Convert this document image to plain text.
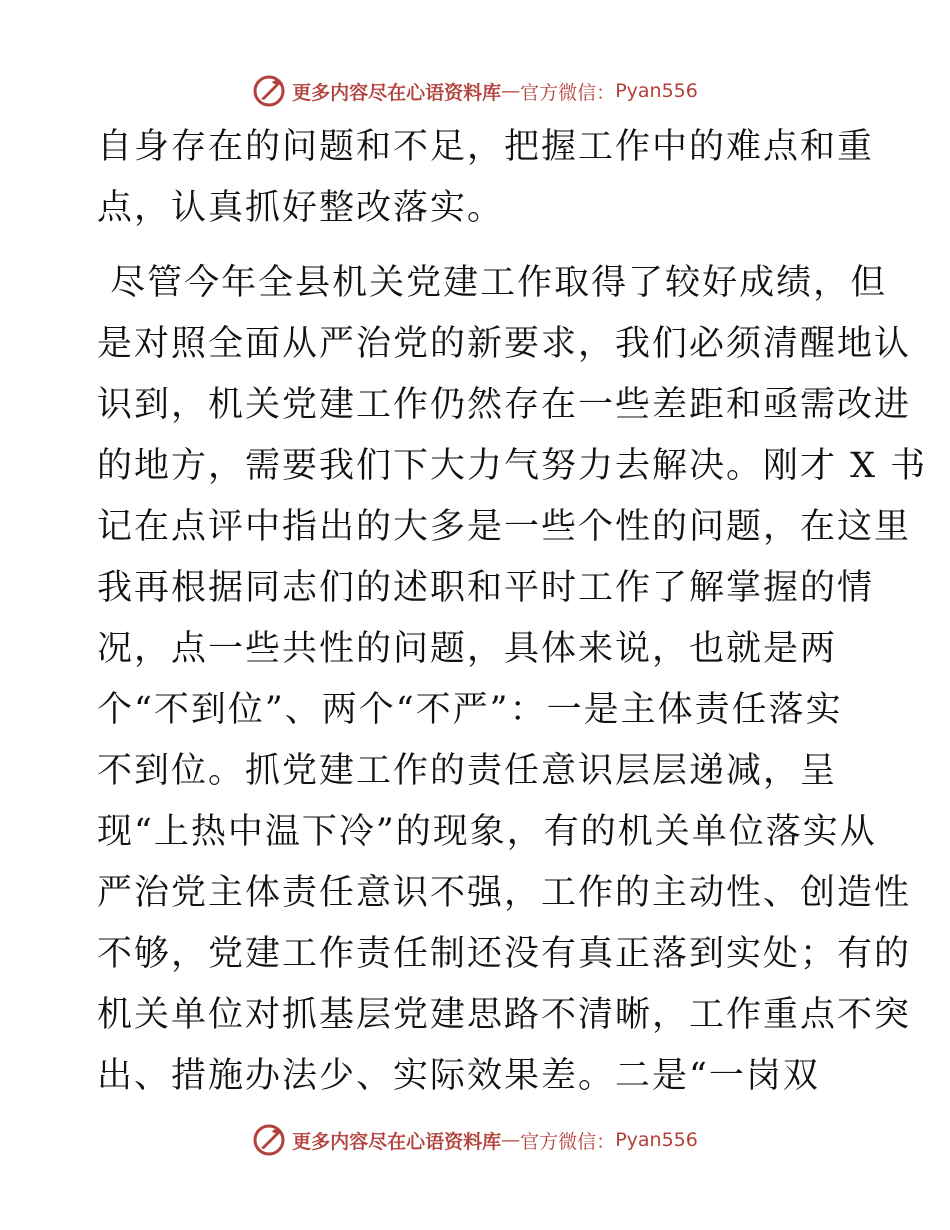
更多内容尽在心语资料库 — 官方微信： Pyan556

自身存在的问题和不足，把握工作中的难点和重

点，认真抓好整改落实。

尽管今年全县机关党建工作取得了较好成绩，但

是对照全面从严治党的新要求，我们必须清醒地认

识到，机关党建工作仍然存在一些差距和亟需改进

的地方，需要我们下大力气努力去解决。刚才 X 书

记在点评中指出的大多是一些个性的问题，在这里

我再根据同志们的述职和平时工作了解掌握的情

况，点一些共性的问题，具体来说，也就是两

个“不到位”、两个“不严”：一是主体责任落实

不到位。抓党建工作的责任意识层层递减，呈

现“上热中温下冷”的现象，有的机关单位落实从

严治党主体责任意识不强，工作的主动性、创造性

不够，党建工作责任制还没有真正落到实处；有的

机关单位对抓基层党建思路不清晰，工作重点不突

出、措施办法少、实际效果差。二是“一岗双

更多内容尽在心语资料库 — 官方微信： Pyan556
